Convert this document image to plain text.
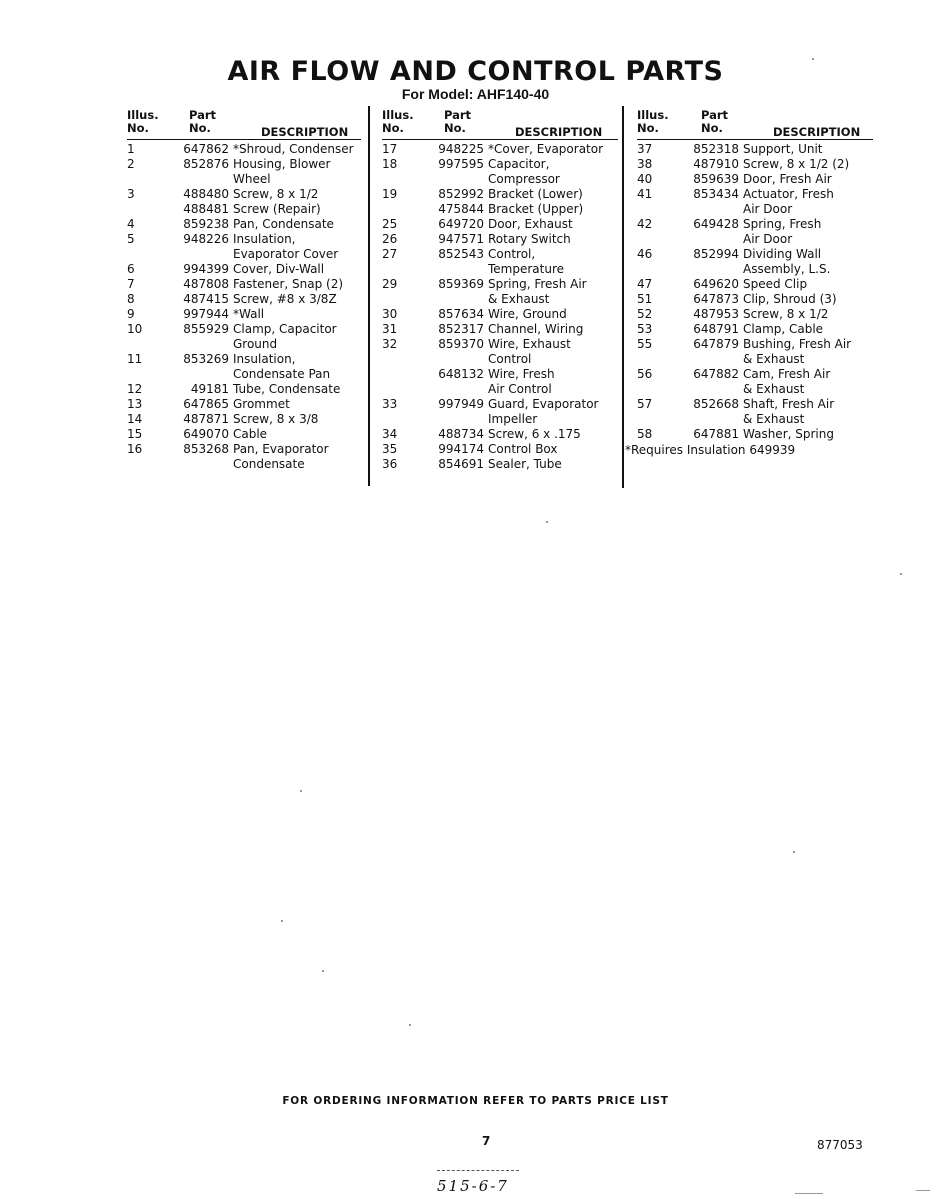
AIR FLOW AND CONTROL PARTS
For Model: AHF140-40
Illus.
No.
Part
No.	DESCRIPTION
1	647862 *Shroud, Condenser
2	852876 Housing, Blower
Wheel
3	488480 Screw, 8 x 1/2
488481 Screw (Repair)
4	859238 Pan, Condensate
5	948226 Insulation,
Evaporator Cover
6	994399 Cover, Div-Wall
7	487808 Fastener, Snap (2)
8	487415 Screw, #8 x 3/8Z
9	997944 *Wall
10	855929 Clamp, Capacitor
Ground
11	853269 Insulation,
Condensate Pan
12	49181 Tube, Condensate
13	647865 Grommet
14	487871 Screw, 8 x 3/8
15	649070 Cable
16	853268 Pan, Evaporator
Condensate
Illus.
No.
Part
No.	DESCRIPTION
17	948225 *Cover, Evaporator
18	997595 Capacitor,
Compressor
19	852992 Bracket (Lower)
475844 Bracket (Upper)
25	649720 Door, Exhaust
26	947571 Rotary Switch
27	852543 Control,
Temperature
29	859369 Spring, Fresh Air
& Exhaust
30	857634 Wire, Ground
31	852317 Channel, Wiring
32	859370 Wire, Exhaust
Control
648132 Wire, Fresh
Air Control
33	997949 Guard, Evaporator
Impeller
34	488734 Screw, 6 x .175
35	994174 Control Box
36	854691 Sealer, Tube
Illus.
No.
Part
No.	DESCRIPTION
37	852318 Support, Unit
38	487910 Screw, 8 x 1/2 (2)
40	859639 Door, Fresh Air
41	853434 Actuator, Fresh
Air Door
42	649428 Spring, Fresh
Air Door
46	852994 Dividing Wall
Assembly, L.S.
47	649620 Speed Clip
51	647873 Clip, Shroud (3)
52	487953 Screw, 8 x 1/2
53	648791 Clamp, Cable
55	647879 Bushing, Fresh Air
& Exhaust
56	647882 Cam, Fresh Air
& Exhaust
57	852668 Shaft, Fresh Air
& Exhaust
58	647881 Washer, Spring
*Requires Insulation 649939
FOR ORDERING INFORMATION REFER TO PARTS PRICE LIST
7	877053
515-6-7
